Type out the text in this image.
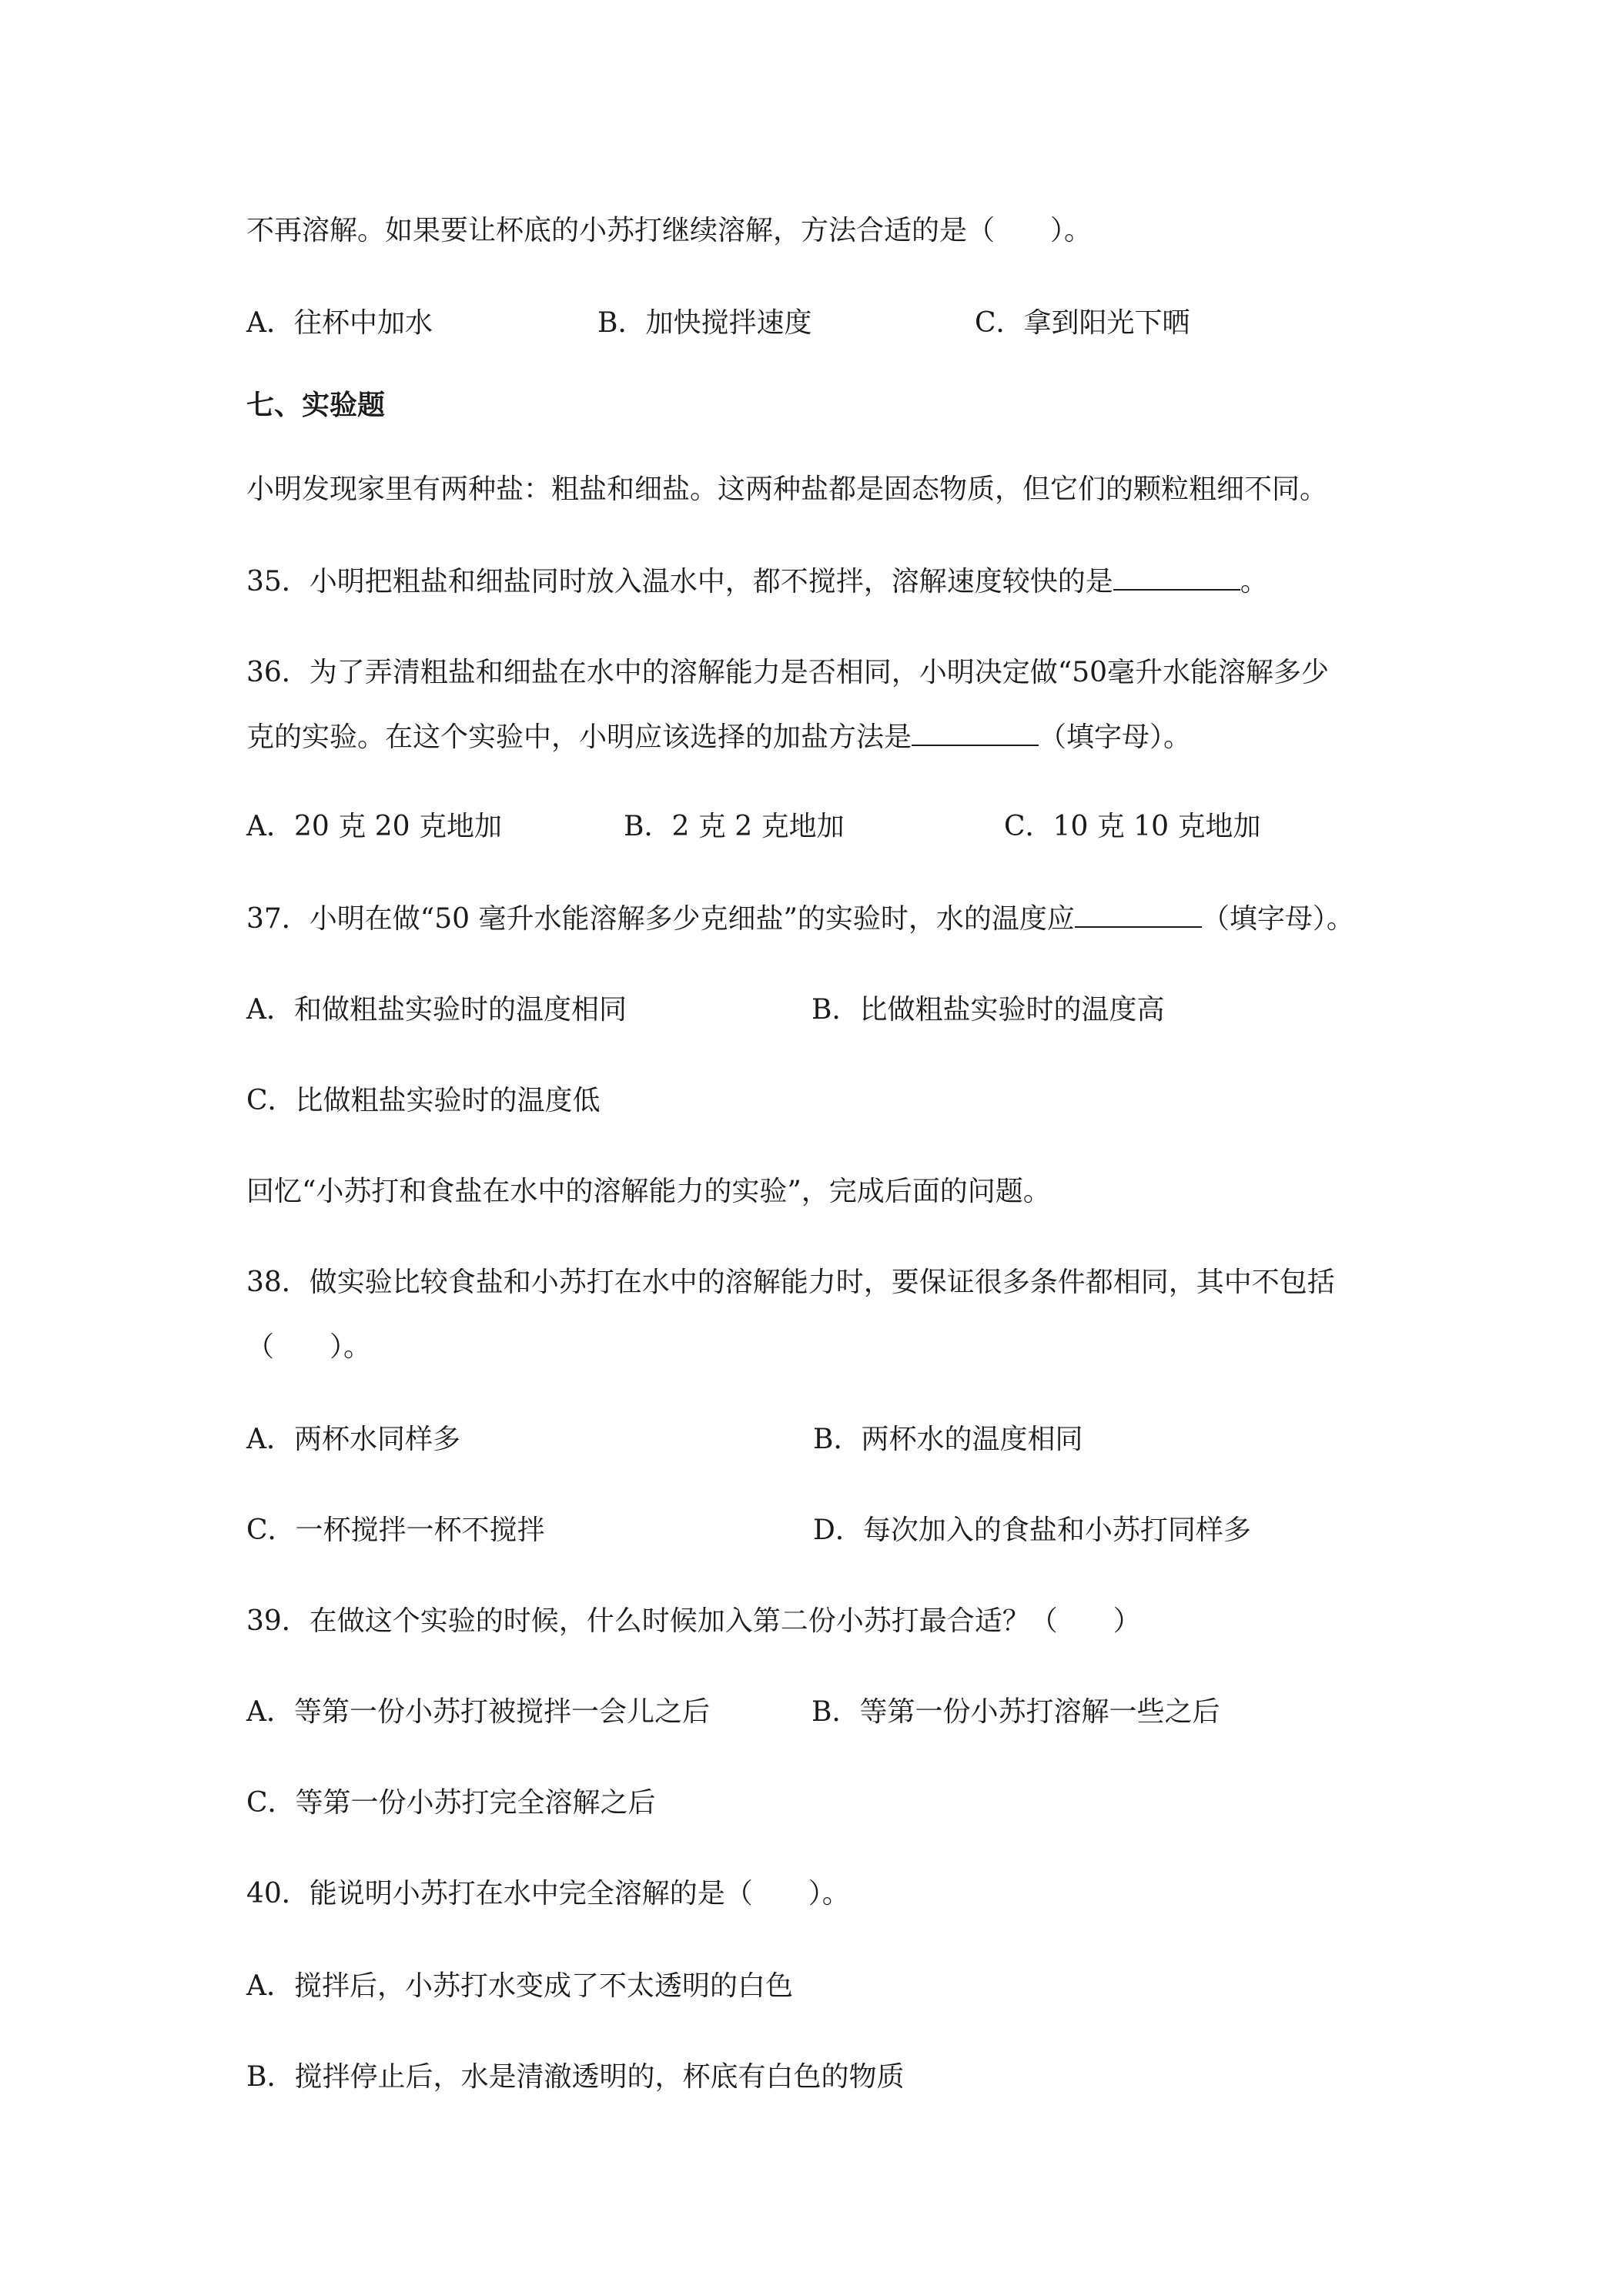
不再溶解。如果要让杯底的小苏打继续溶解，方法合适的是（　　）。
A．往杯中加水	B．加快搅拌速度	C．拿到阳光下晒
七、实验题
小明发现家里有两种盐：粗盐和细盐。这两种盐都是固态物质，但它们的颗粒粗细不同。
35．小明把粗盐和细盐同时放入温水中，都不搅拌，溶解速度较快的是	。
36．为了弄清粗盐和细盐在水中的溶解能力是否相同，小明决定做“50毫升水能溶解多少
克的实验。在这个实验中，小明应该选择的加盐方法是	（填字母）。
A．20 克 20 克地加	B．2 克 2 克地加	C．10 克 10 克地加
37．小明在做“50 毫升水能溶解多少克细盐”的实验时，水的温度应	（填字母）。
A．和做粗盐实验时的温度相同	B．比做粗盐实验时的温度高
C．比做粗盐实验时的温度低
回忆“小苏打和食盐在水中的溶解能力的实验”，完成后面的问题。
38．做实验比较食盐和小苏打在水中的溶解能力时，要保证很多条件都相同，其中不包括
（　　）。
A．两杯水同样多	B．两杯水的温度相同
C．一杯搅拌一杯不搅拌	D．每次加入的食盐和小苏打同样多
39．在做这个实验的时候，什么时候加入第二份小苏打最合适？（　　）
A．等第一份小苏打被搅拌一会儿之后	B．等第一份小苏打溶解一些之后
C．等第一份小苏打完全溶解之后
40．能说明小苏打在水中完全溶解的是（　　）。
A．搅拌后，小苏打水变成了不太透明的白色
B．搅拌停止后，水是清澈透明的，杯底有白色的物质
